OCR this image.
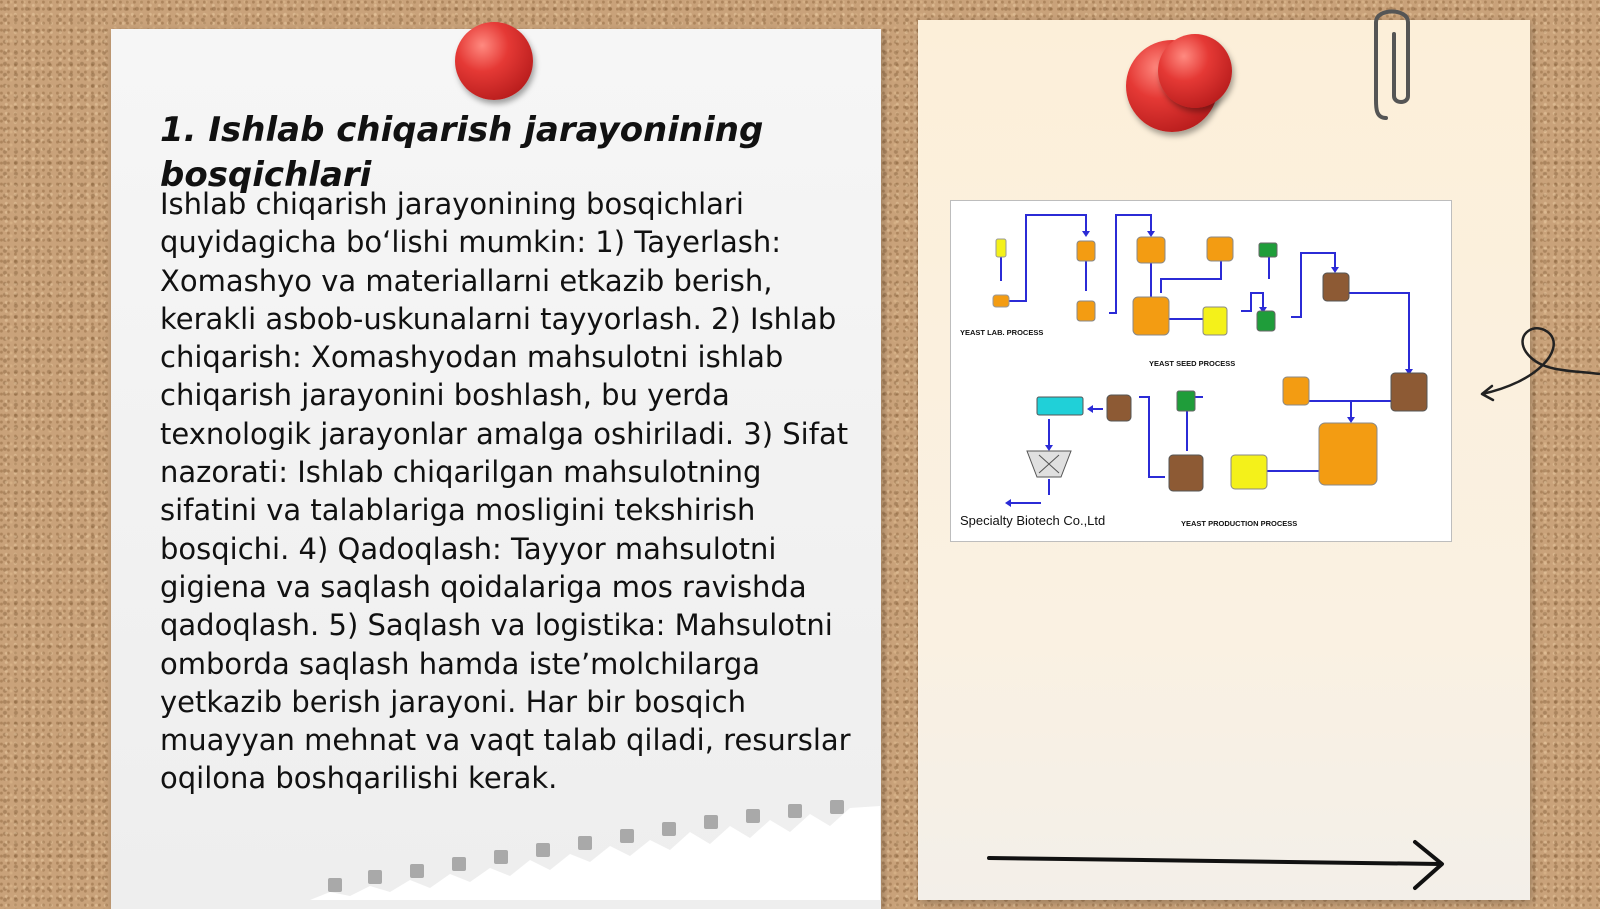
1. Ishlab chiqarish jarayonining bosqichlari

Ishlab chiqarish jarayonining bosqichlari quyidagicha bo‘lishi mumkin: 1) Tayerlash: Xomashyo va materiallarni etkazib berish, kerakli asbob-uskunalarni tayyorlash. 2) Ishlab chiqarish: Xomashyodan mahsulotni ishlab chiqarish jarayonini boshlash, bu yerda texnologik jarayonlar amalga oshiriladi. 3) Sifat nazorati: Ishlab chiqarilgan mahsulotning sifatini va talablariga mosligini tekshirish bosqichi. 4) Qadoqlash: Tayyor mahsulotni gigiena va saqlash qoidalariga mos ravishda qadoqlash. 5) Saqlash va logistika: Mahsulotni omborda saqlash hamda iste’molchilarga yetkazib berish jarayoni. Har bir bosqich muayyan mehnat va vaqt talab qiladi, resurslar oqilona boshqarilishi kerak.

YEAST LAB. PROCESS
YEAST SEED PROCESS
YEAST PRODUCTION PROCESS
Specialty Biotech Co.,Ltd
